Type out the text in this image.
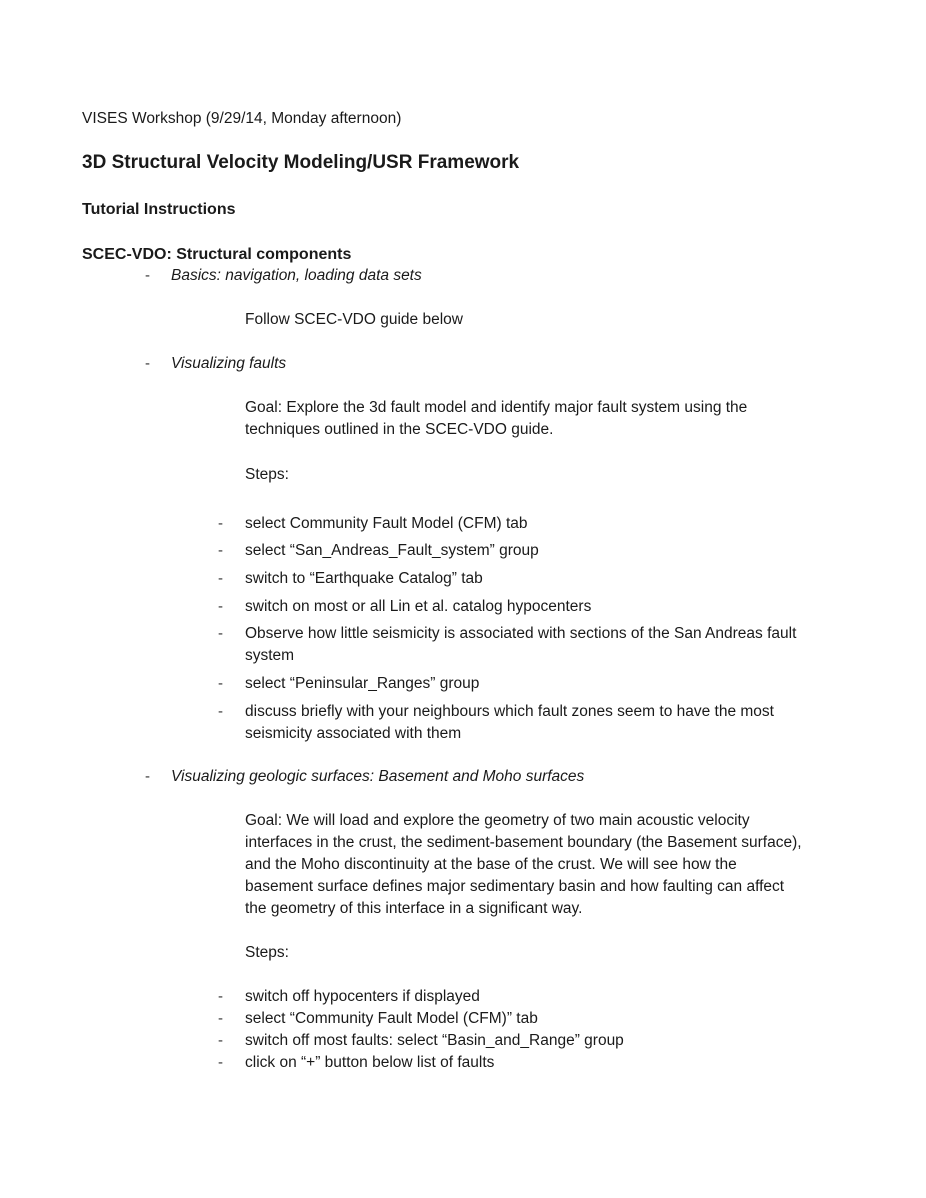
VISES Workshop (9/29/14, Monday afternoon)
3D Structural Velocity Modeling/USR Framework
Tutorial Instructions
SCEC-VDO: Structural components
- Basics: navigation, loading data sets
Follow SCEC-VDO guide below
- Visualizing faults
Goal: Explore the 3d fault model and identify major fault system using the
techniques outlined in the SCEC-VDO guide.
Steps:
- select Community Fault Model (CFM) tab
- select “San_Andreas_Fault_system” group
- switch to “Earthquake Catalog” tab
- switch on most or all Lin et al. catalog hypocenters
- Observe how little seismicity is associated with sections of the San Andreas fault
system
- select “Peninsular_Ranges” group
- discuss briefly with your neighbours which fault zones seem to have the most
seismicity associated with them
- Visualizing geologic surfaces: Basement and Moho surfaces
Goal: We will load and explore the geometry of two main acoustic velocity
interfaces in the crust, the sediment-basement boundary (the Basement surface),
and the Moho discontinuity at the base of the crust. We will see how the
basement surface defines major sedimentary basin and how faulting can affect
the geometry of this interface in a significant way.
Steps:
- switch off hypocenters if displayed
- select “Community Fault Model (CFM)” tab
- switch off most faults: select “Basin_and_Range” group
- click on “+” button below list of faults
